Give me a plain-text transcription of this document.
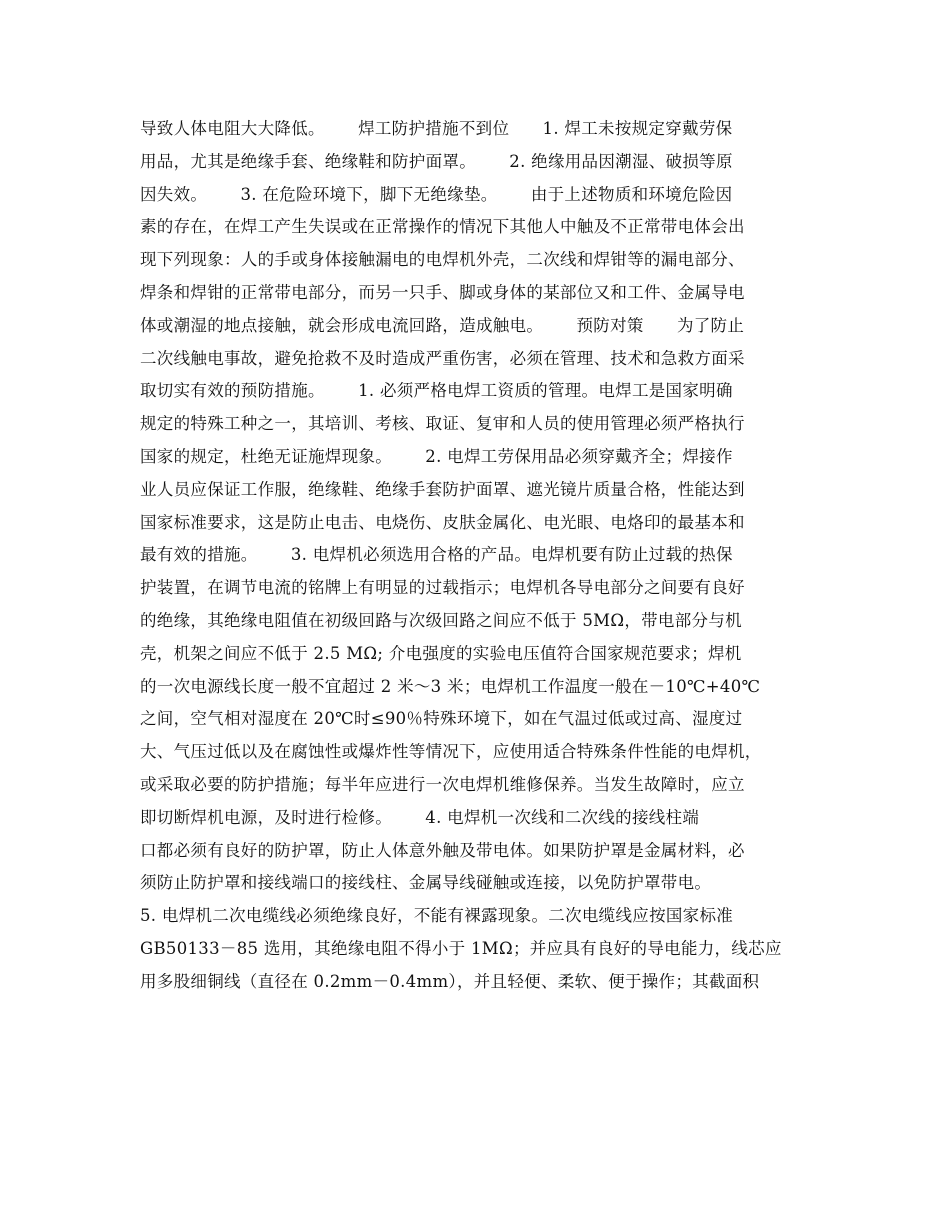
导致人体电阻大大降低。      焊工防护措施不到位      1. 焊工未按规定穿戴劳保
用品，尤其是绝缘手套、绝缘鞋和防护面罩。      2. 绝缘用品因潮湿、破损等原
因失效。      3. 在危险环境下，脚下无绝缘垫。      由于上述物质和环境危险因
素的存在，在焊工产生失误或在正常操作的情况下其他人中触及不正常带电体会出
现下列现象：人的手或身体接触漏电的电焊机外壳，二次线和焊钳等的漏电部分、
焊条和焊钳的正常带电部分，而另一只手、脚或身体的某部位又和工件、金属导电
体或潮湿的地点接触，就会形成电流回路，造成触电。      预防对策      为了防止
二次线触电事故，避免抢救不及时造成严重伤害，必须在管理、技术和急救方面采
取切实有效的预防措施。      1. 必须严格电焊工资质的管理。电焊工是国家明确
规定的特殊工种之一，其培训、考核、取证、复审和人员的使用管理必须严格执行
国家的规定，杜绝无证施焊现象。      2. 电焊工劳保用品必须穿戴齐全；焊接作
业人员应保证工作服，绝缘鞋、绝缘手套防护面罩、遮光镜片质量合格，性能达到
国家标准要求，这是防止电击、电烧伤、皮肤金属化、电光眼、电烙印的最基本和
最有效的措施。      3. 电焊机必须选用合格的产品。电焊机要有防止过载的热保
护装置，在调节电流的铭牌上有明显的过载指示；电焊机各导电部分之间要有良好
的绝缘，其绝缘电阻值在初级回路与次级回路之间应不低于 5MΩ，带电部分与机
壳，机架之间应不低于 2.5 MΩ; 介电强度的实验电压值符合国家规范要求；焊机
的一次电源线长度一般不宜超过 2 米～3 米；电焊机工作温度一般在－10℃+40℃
之间，空气相对湿度在 20℃时≤90％特殊环境下，如在气温过低或过高、湿度过
大、气压过低以及在腐蚀性或爆炸性等情况下，应使用适合特殊条件性能的电焊机，
或采取必要的防护措施；每半年应进行一次电焊机维修保养。当发生故障时，应立
即切断焊机电源，及时进行检修。      4. 电焊机一次线和二次线的接线柱端
口都必须有良好的防护罩，防止人体意外触及带电体。如果防护罩是金属材料，必
须防止防护罩和接线端口的接线柱、金属导线碰触或连接，以免防护罩带电。
5. 电焊机二次电缆线必须绝缘良好，不能有裸露现象。二次电缆线应按国家标准
GB50133－85 选用，其绝缘电阻不得小于 1MΩ；并应具有良好的导电能力，线芯应
用多股细铜线（直径在 0.2mm－0.4mm），并且轻便、柔软、便于操作；其截面积
